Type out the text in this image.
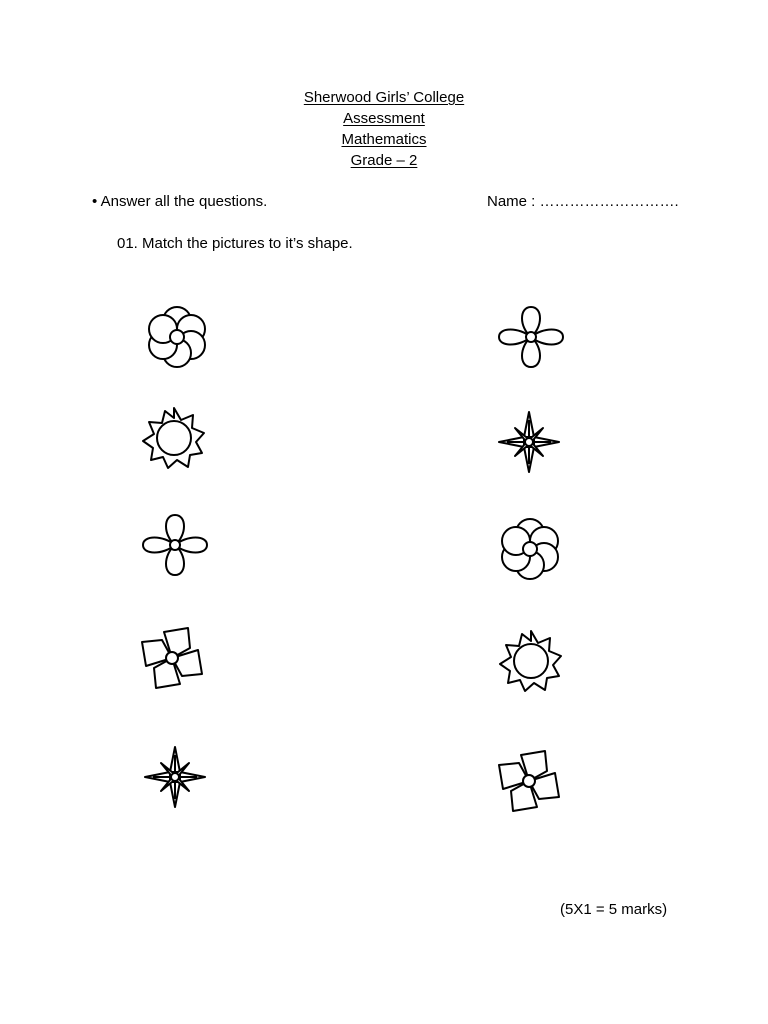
Sherwood Girls’ College
Assessment
Mathematics
Grade – 2
• Answer all the questions.	Name : ……………………….
01. Match the pictures to it’s shape.
(5X1 = 5 marks)
